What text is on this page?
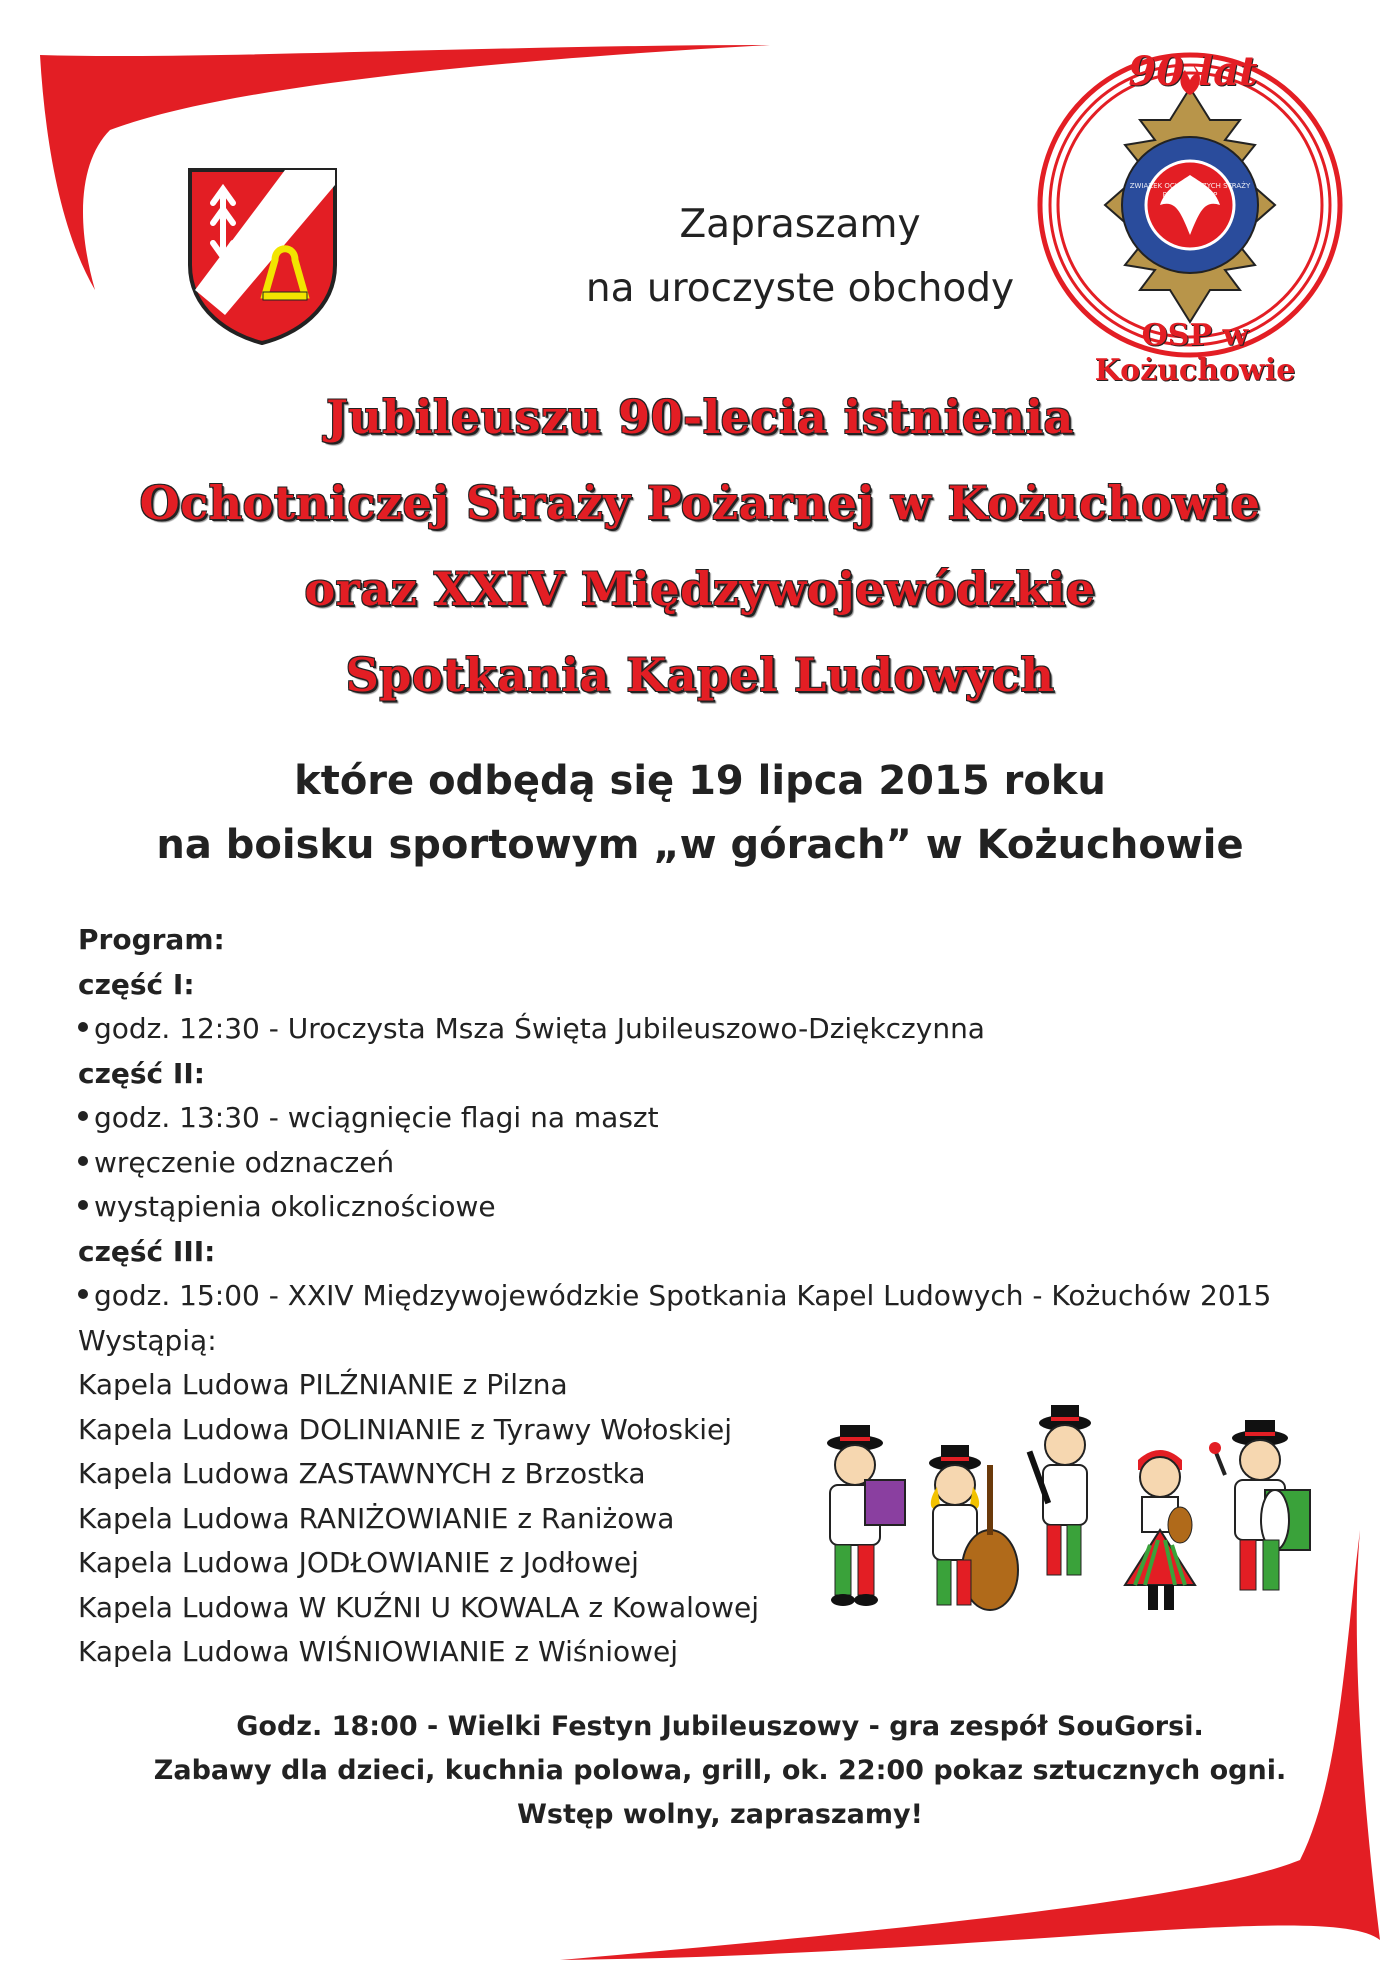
90 lat
ZWIĄZEK OCHOTNICZYCH STRAŻY POŻARNYCH RP
OSP w Kożuchowie
Zapraszamy
na uroczyste obchody
Jubileuszu 90-lecia istnienia
Ochotniczej Straży Pożarnej w Kożuchowie
oraz XXIV Międzywojewódzkie
Spotkania Kapel Ludowych
które odbędą się 19 lipca 2015 roku
na boisku sportowym „w górach” w Kożuchowie
Program:
część I:
godz. 12:30 - Uroczysta Msza Święta Jubileuszowo-Dziękczynna
część II:
godz. 13:30 - wciągnięcie flagi na maszt
wręczenie odznaczeń
wystąpienia okolicznościowe
część III:
godz. 15:00 - XXIV Międzywojewódzkie Spotkania Kapel Ludowych - Kożuchów 2015
Wystąpią:
Kapela Ludowa PILŹNIANIE z Pilzna
Kapela Ludowa DOLINIANIE z Tyrawy Wołoskiej
Kapela Ludowa ZASTAWNYCH z Brzostka
Kapela Ludowa RANIŻOWIANIE z Raniżowa
Kapela Ludowa JODŁOWIANIE z Jodłowej
Kapela Ludowa W KUŹNI U KOWALA z Kowalowej
Kapela Ludowa WIŚNIOWIANIE z Wiśniowej
Godz. 18:00 - Wielki Festyn Jubileuszowy - gra zespół SouGorsi.
Zabawy dla dzieci, kuchnia polowa, grill, ok. 22:00 pokaz sztucznych ogni.
Wstęp wolny, zapraszamy!
